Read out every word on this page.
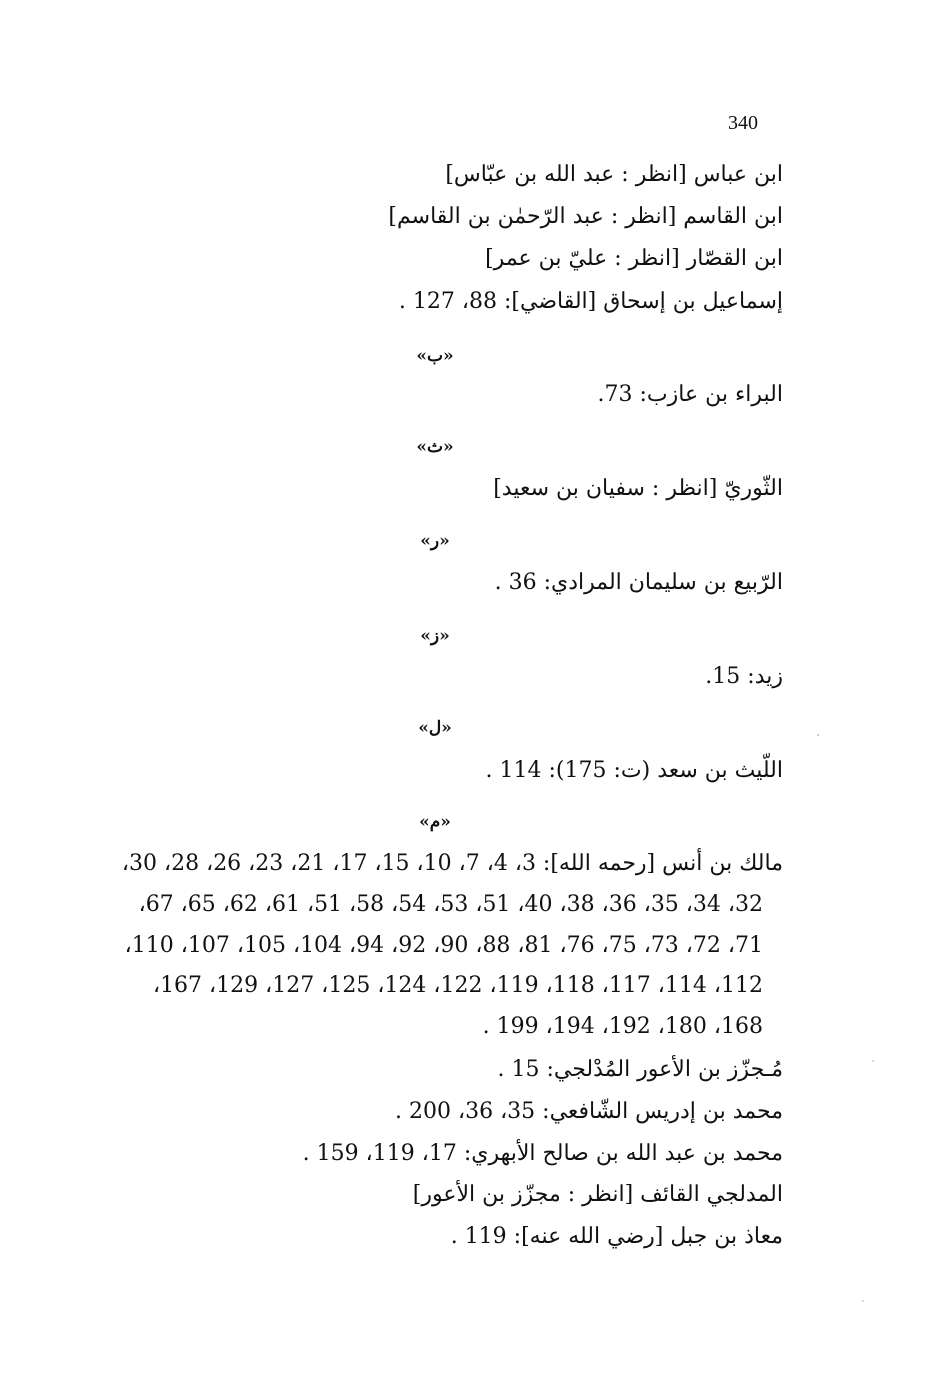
340
ابن عباس [انظر : عبد الله بن عبّاس]
ابن القاسم [انظر : عبد الرّحمٰن بن القاسم]
ابن القصّار [انظر : عليّ بن عمر]
إسماعيل بن إسحاق [القاضي]: 88، 127 .
«ب»
البراء بن عازب: 73.
«ث»
الثّوريّ [انظر : سفيان بن سعيد]
«ر»
الرّبيع بن سليمان المرادي: 36 .
«ز»
زيد: 15.
«ل»
اللّيث بن سعد (ت: 175): 114 .
«م»
مالك بن أنس [رحمه الله]: 3، 4، 7، 10، 15، 17، 21، 23، 26، 28، 30،
32، 34، 35، 36، 38، 40، 51، 53، 54، 58، 51، 61، 62، 65، 67،
71، 72، 73، 75، 76، 81، 88، 90، 92، 94، 104، 105، 107، 110،
112، 114، 117، 118، 119، 122، 124، 125، 127، 129، 167،
168، 180، 192، 194، 199 .
مُـجزّز بن الأعور المُدْلجي: 15 .
محمد بن إدريس الشّافعي: 35، 36، 200 .
محمد بن عبد الله بن صالح الأبهري: 17، 119، 159 .
المدلجي القائف [انظر : مجزّز بن الأعور]
معاذ بن جبل [رضي الله عنه]: 119 .
